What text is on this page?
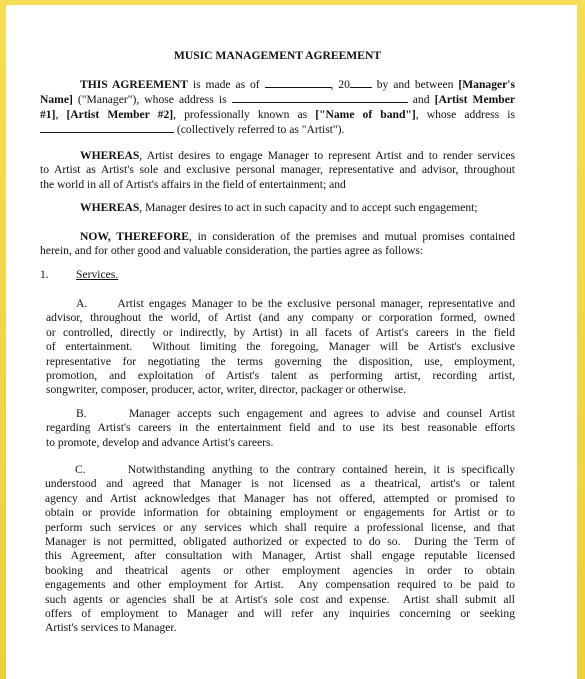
MUSIC MANAGEMENT AGREEMENT
THIS AGREEMENT is made as of	, 20 by and between [Manager's
Name] ("Manager"), whose address is	and [Artist Member
#1], [Artist Member #2], professionally known as ["Name of band"], whose address is
(collectively referred to as "Artist").
WHEREAS, Artist desires to engage Manager to represent Artist and to render services
to Artist as Artist's sole and exclusive personal manager, representative and advisor, throughout
the world in all of Artist's affairs in the field of entertainment; and
WHEREAS, Manager desires to act in such capacity and to accept such engagement;
NOW, THEREFORE, in consideration of the premises and mutual promises contained
herein, and for other good and valuable consideration, the parties agree as follows:
1. Services.
A.      Artist engages Manager to be the exclusive personal manager, representative and
advisor, throughout the world, of Artist (and any company or corporation formed, owned
or controlled, directly or indirectly, by Artist) in all facets of Artist's careers in the field
of entertainment.  Without limiting the foregoing, Manager will be Artist's exclusive
representative for negotiating the terms governing the disposition, use, employment,
promotion, and exploitation of Artist's talent as performing artist, recording artist,
songwriter, composer, producer, actor, writer, director, packager or otherwise.
B.      Manager accepts such engagement and agrees to advise and counsel Artist
regarding Artist's careers in the entertainment field and to use its best reasonable efforts
to promote, develop and advance Artist's careers.
C.      Notwithstanding anything to the contrary contained herein, it is specifically
understood and agreed that Manager is not licensed as a theatrical, artist's or talent
agency and Artist acknowledges that Manager has not offered, attempted or promised to
obtain or provide information for obtaining employment or engagements for Artist or to
perform such services or any services which shall require a professional license, and that
Manager is not permitted, obligated authorized or expected to do so.  During the Term of
this Agreement, after consultation with Manager, Artist shall engage reputable licensed
booking and theatrical agents or other employment agencies in order to obtain
engagements and other employment for Artist.  Any compensation required to be paid to
such agents or agencies shall be at Artist's sole cost and expense.  Artist shall submit all
offers of employment to Manager and will refer any inquiries concerning or seeking
Artist's services to Manager.
